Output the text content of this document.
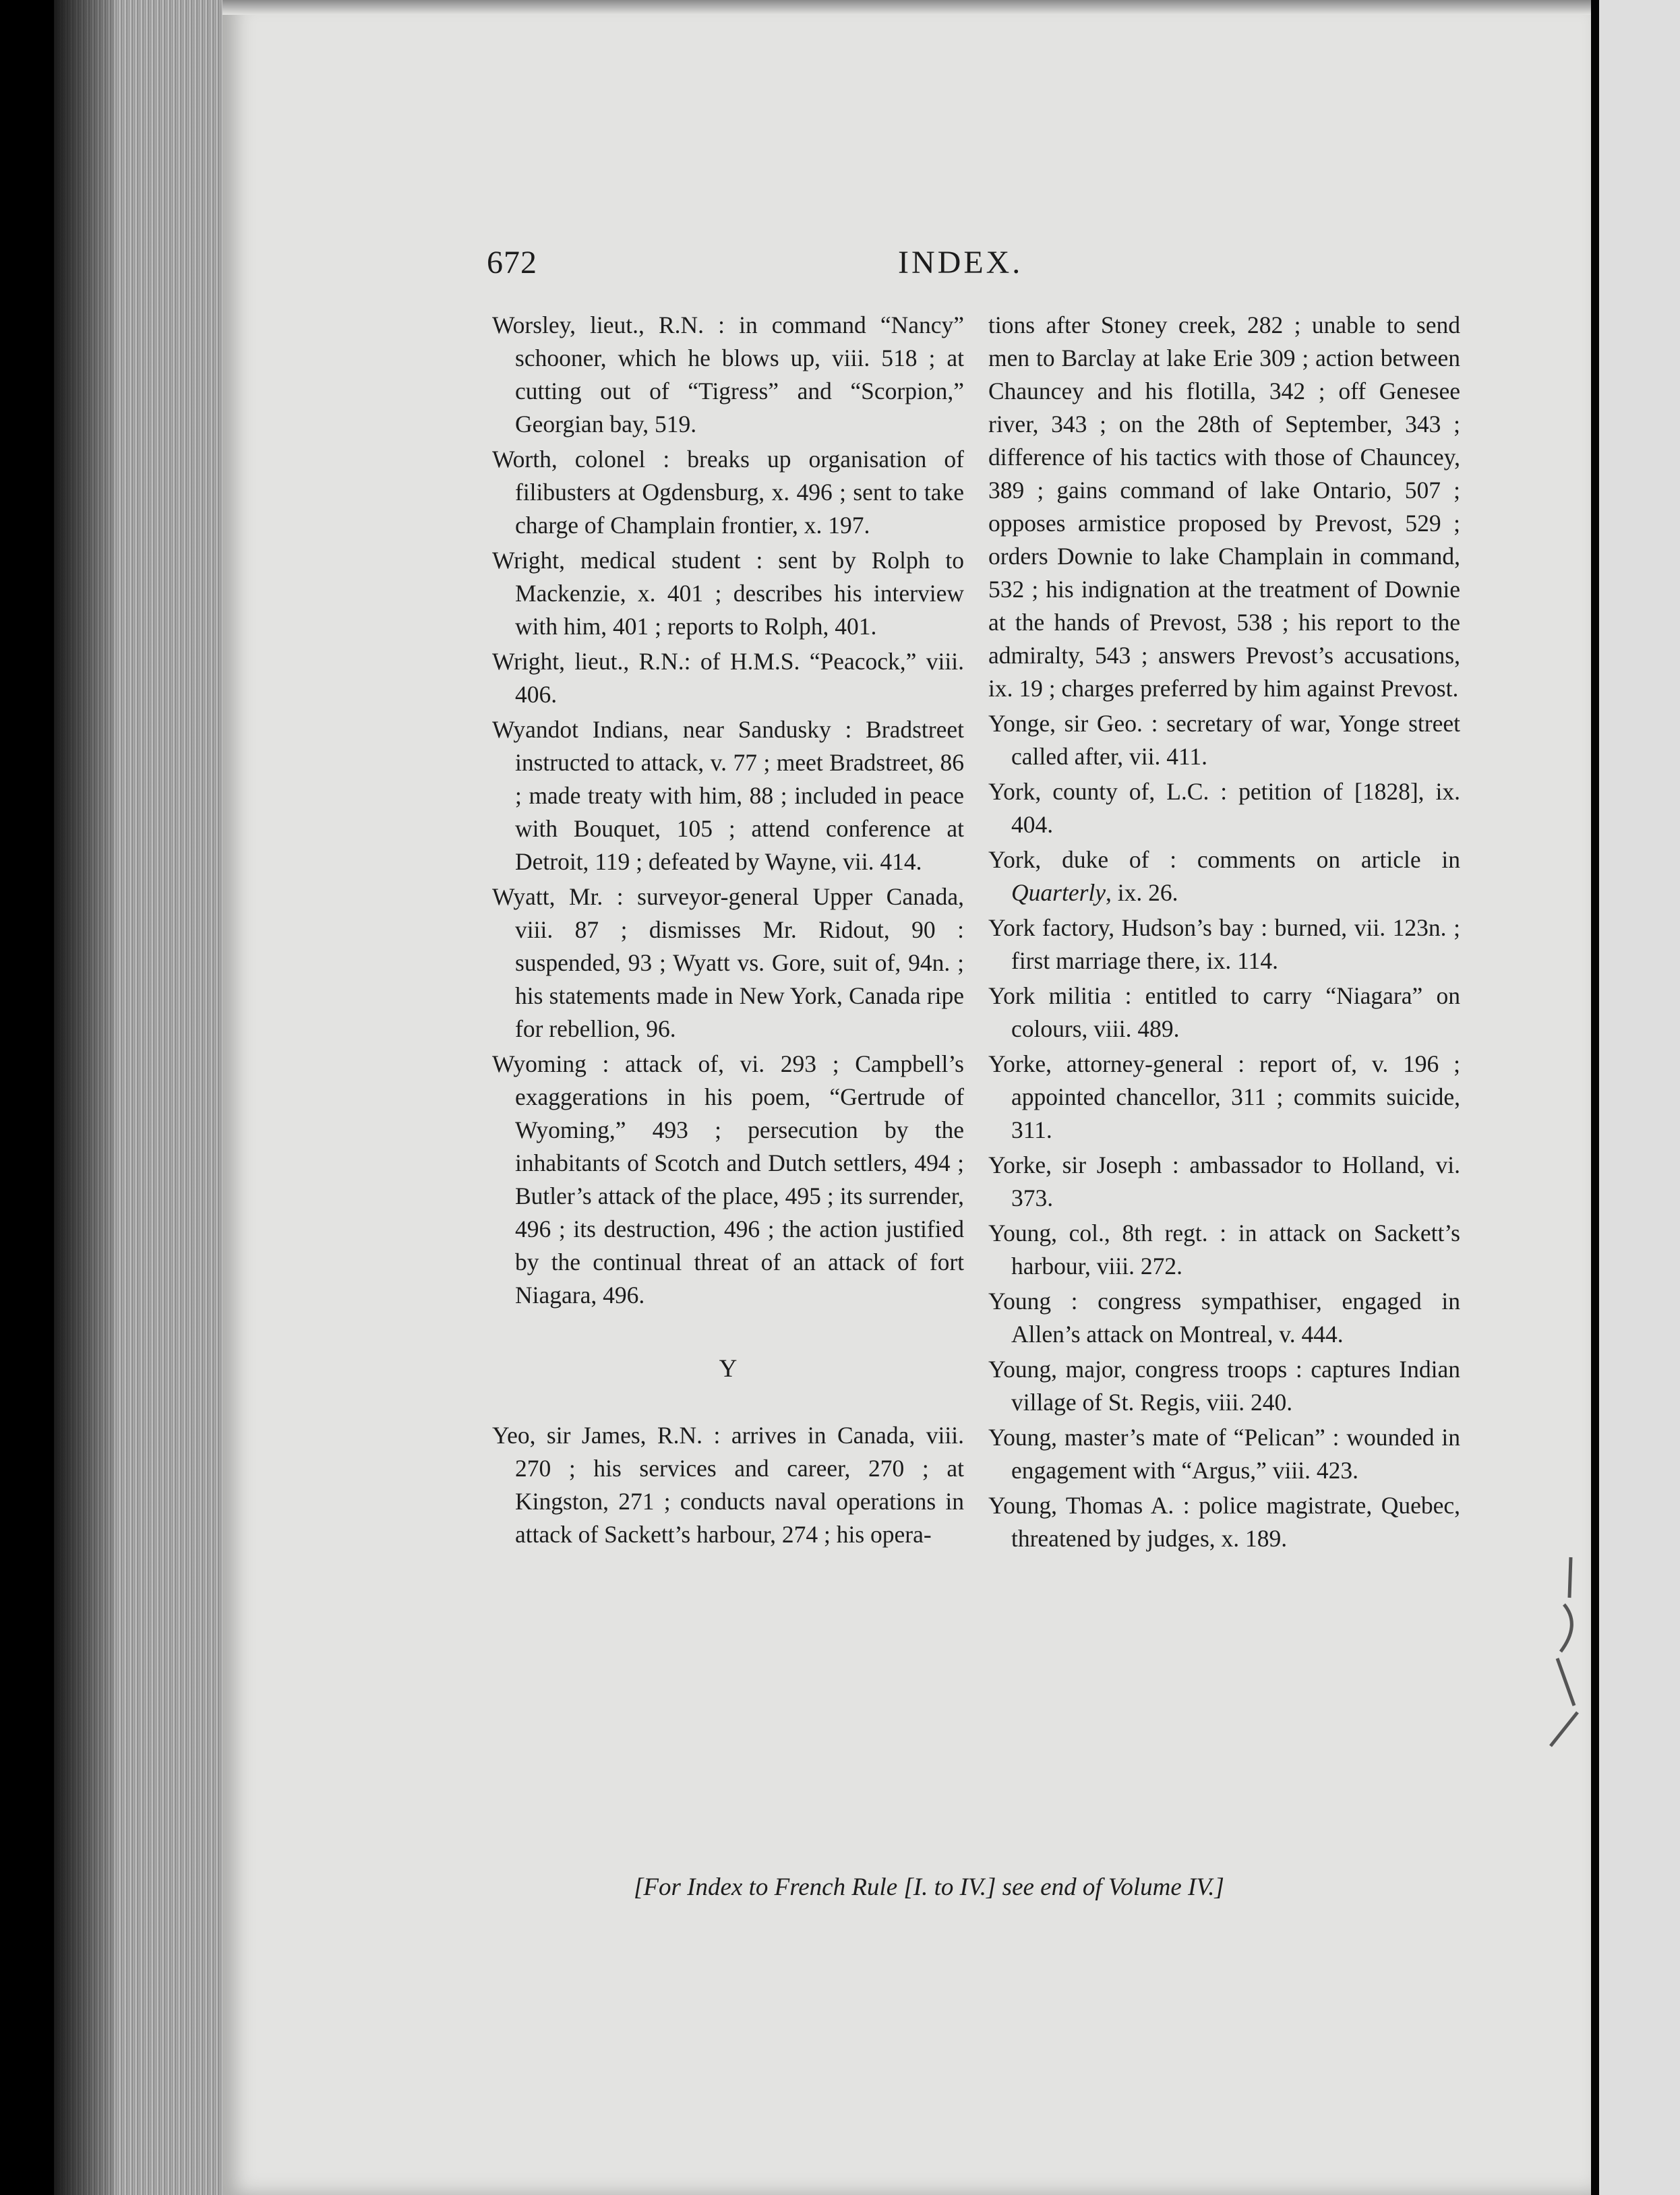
672	INDEX.

Worsley, lieut., R.N. : in command “Nancy” schooner, which he blows up, viii. 518 ; at cutting out of “Tigress” and “Scorpion,” Georgian bay, 519.

Worth, colonel : breaks up organisation of filibusters at Ogdensburg, x. 496 ; sent to take charge of Champlain frontier, x. 197.

Wright, medical student : sent by Rolph to Mackenzie, x. 401 ; describes his interview with him, 401 ; reports to Rolph, 401.

Wright, lieut., R.N.: of H.M.S. “Peacock,” viii. 406.

Wyandot Indians, near Sandusky : Bradstreet instructed to attack, v. 77 ; meet Bradstreet, 86 ; made treaty with him, 88 ; included in peace with Bouquet, 105 ; attend conference at Detroit, 119 ; defeated by Wayne, vii. 414.

Wyatt, Mr. : surveyor-general Upper Canada, viii. 87 ; dismisses Mr. Ridout, 90 : suspended, 93 ; Wyatt vs. Gore, suit of, 94n. ; his statements made in New York, Canada ripe for rebellion, 96.

Wyoming : attack of, vi. 293 ; Campbell’s exaggerations in his poem, “Gertrude of Wyoming,” 493 ; persecution by the inhabitants of Scotch and Dutch settlers, 494 ; Butler’s attack of the place, 495 ; its surrender, 496 ; its destruction, 496 ; the action justified by the continual threat of an attack of fort Niagara, 496.

Y

Yeo, sir James, R.N. : arrives in Canada, viii. 270 ; his services and career, 270 ; at Kingston, 271 ; conducts naval operations in attack of Sackett’s harbour, 274 ; his opera-

tions after Stoney creek, 282 ; unable to send men to Barclay at lake Erie 309 ; action between Chauncey and his flotilla, 342 ; off Genesee river, 343 ; on the 28th of September, 343 ; difference of his tactics with those of Chauncey, 389 ; gains command of lake Ontario, 507 ; opposes armistice proposed by Prevost, 529 ; orders Downie to lake Champlain in command, 532 ; his indignation at the treatment of Downie at the hands of Prevost, 538 ; his report to the admiralty, 543 ; answers Prevost’s accusations, ix. 19 ; charges preferred by him against Prevost.

Yonge, sir Geo. : secretary of war, Yonge street called after, vii. 411.

York, county of, L.C. : petition of [1828], ix. 404.

York, duke of : comments on article in Quarterly, ix. 26.

York factory, Hudson’s bay : burned, vii. 123n. ; first marriage there, ix. 114.

York militia : entitled to carry “Niagara” on colours, viii. 489.

Yorke, attorney-general : report of, v. 196 ; appointed chancellor, 311 ; commits suicide, 311.

Yorke, sir Joseph : ambassador to Holland, vi. 373.

Young, col., 8th regt. : in attack on Sackett’s harbour, viii. 272.

Young : congress sympathiser, engaged in Allen’s attack on Montreal, v. 444.

Young, major, congress troops : captures Indian village of St. Regis, viii. 240.

Young, master’s mate of “Pelican” : wounded in engagement with “Argus,” viii. 423.

Young, Thomas A. : police magistrate, Quebec, threatened by judges, x. 189.

[For Index to French Rule [I. to IV.] see end of Volume IV.]
